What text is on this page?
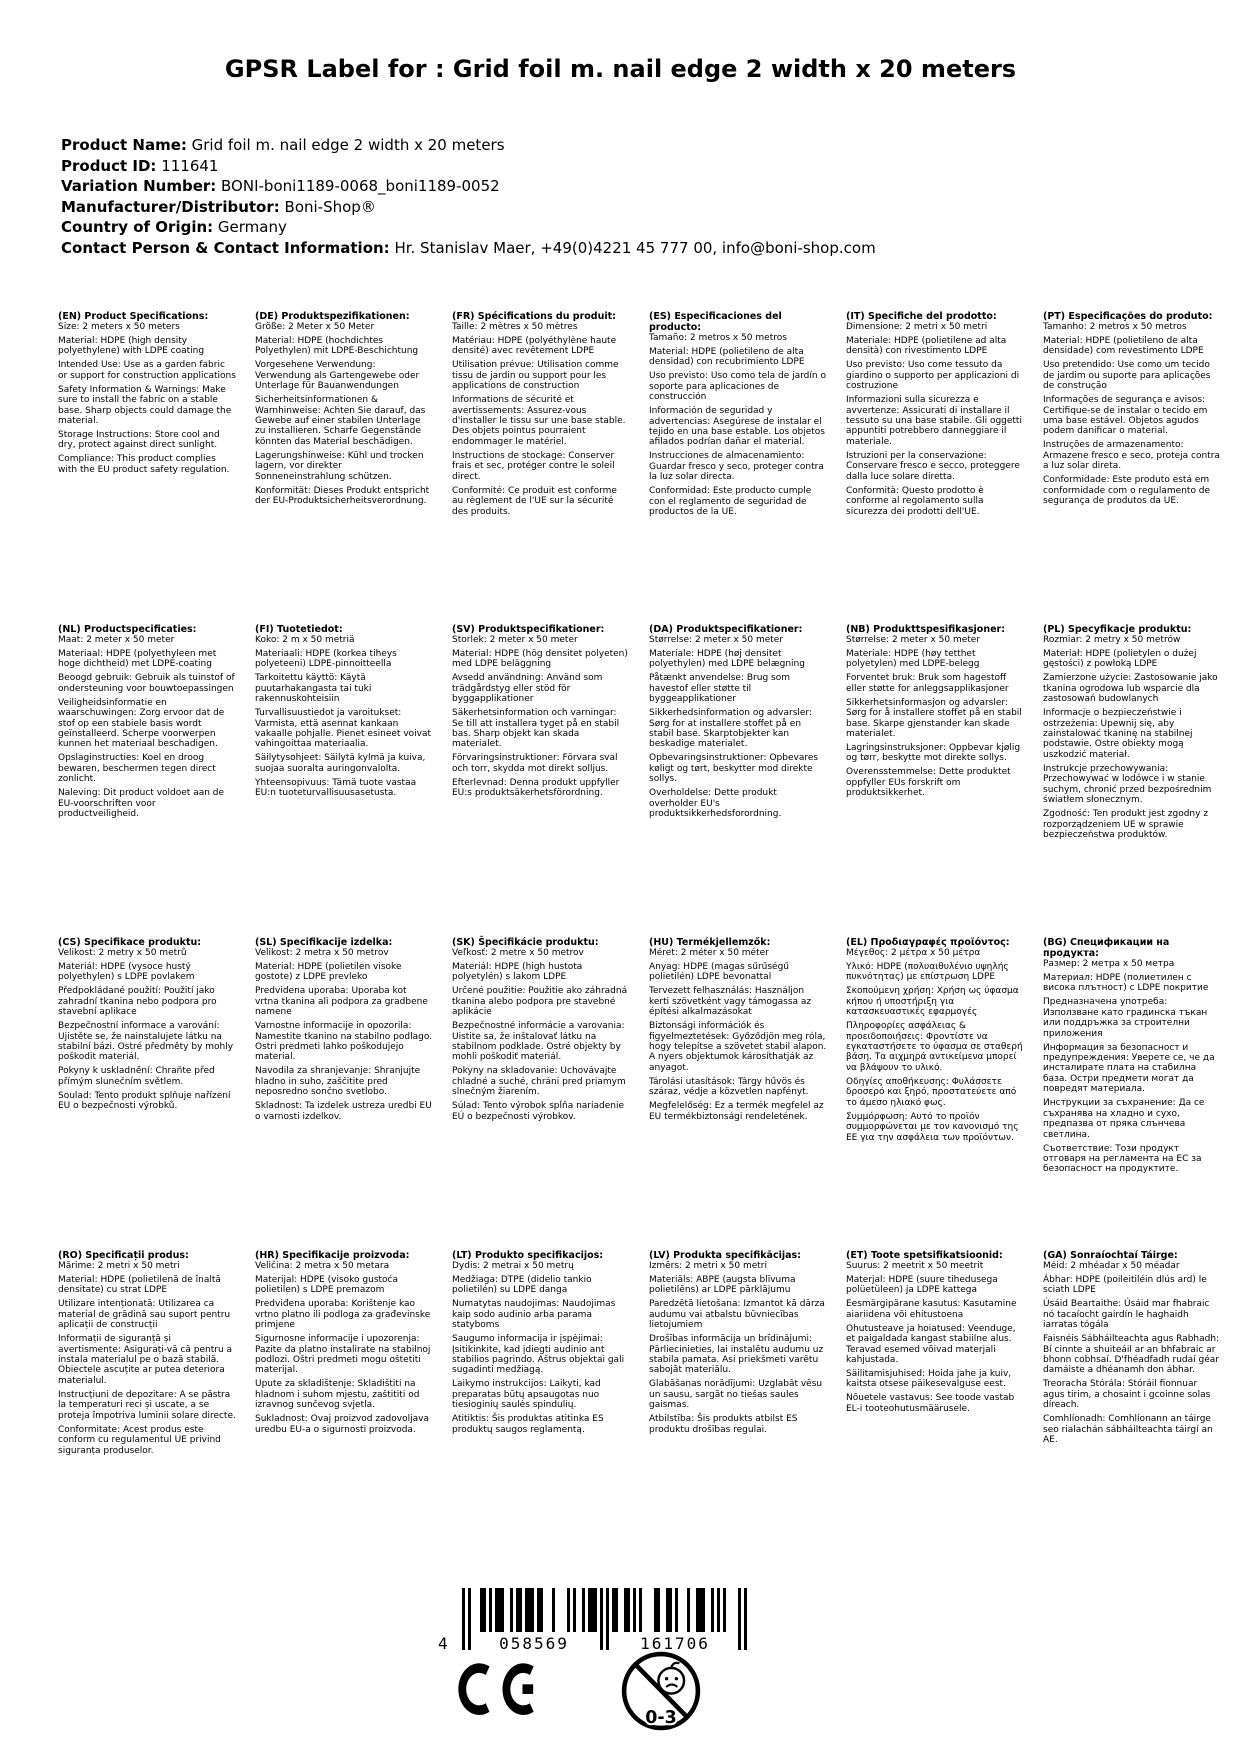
GPSR Label for : Grid foil m. nail edge 2 width x 20 meters
Product Name: Grid foil m. nail edge 2 width x 20 meters
Product ID: 111641
Variation Number: BONI-boni1189-0068_boni1189-0052
Manufacturer/Distributor: Boni-Shop®
Country of Origin: Germany
Contact Person & Contact Information: Hr. Stanislav Maer, +49(0)4221 45 777 00, info@boni-shop.com
(EN) Product Specifications:

Size: 2 meters x 50 meters

Material: HDPE (high density polyethylene) with LDPE coating

Intended Use: Use as a garden fabric or support for construction applications

Safety Information & Warnings: Make sure to install the fabric on a stable base. Sharp objects could damage the material.

Storage Instructions: Store cool and dry, protect against direct sunlight.

Compliance: This product complies with the EU product safety regulation.

(DE) Produktspezifikationen:

Größe: 2 Meter x 50 Meter

Material: HDPE (hochdichtes Polyethylen) mit LDPE-Beschichtung

Vorgesehene Verwendung: Verwendung als Gartengewebe oder Unterlage für Bauanwendungen

Sicherheitsinformationen & Warnhinweise: Achten Sie darauf, das Gewebe auf einer stabilen Unterlage zu installieren. Scharfe Gegenstände könnten das Material beschädigen.

Lagerungshinweise: Kühl und trocken lagern, vor direkter Sonneneinstrahlung schützen.

Konformität: Dieses Produkt entspricht der EU-Produktsicherheitsverordnung.

(FR) Spécifications du produit:

Taille: 2 mètres x 50 mètres

Matériau: HDPE (polyéthylène haute densité) avec revêtement LDPE

Utilisation prévue: Utilisation comme tissu de jardin ou support pour les applications de construction

Informations de sécurité et avertissements: Assurez-vous d'installer le tissu sur une base stable. Des objets pointus pourraient endommager le matériel.

Instructions de stockage: Conserver frais et sec, protéger contre le soleil direct.

Conformité: Ce produit est conforme au règlement de l'UE sur la sécurité des produits.

(ES) Especificaciones del producto:

Tamaño: 2 metros x 50 metros

Material: HDPE (polietileno de alta densidad) con recubrimiento LDPE

Uso previsto: Uso como tela de jardín o soporte para aplicaciones de construcción

Información de seguridad y advertencias: Asegúrese de instalar el tejido en una base estable. Los objetos afilados podrían dañar el material.

Instrucciones de almacenamiento: Guardar fresco y seco, proteger contra la luz solar directa.

Conformidad: Este producto cumple con el reglamento de seguridad de productos de la UE.

(IT) Specifiche del prodotto:

Dimensione: 2 metri x 50 metri

Materiale: HDPE (polietilene ad alta densità) con rivestimento LDPE

Uso previsto: Uso come tessuto da giardino o supporto per applicazioni di costruzione

Informazioni sulla sicurezza e avvertenze: Assicurati di installare il tessuto su una base stabile. Gli oggetti appuntiti potrebbero danneggiare il materiale.

Istruzioni per la conservazione: Conservare fresco e secco, proteggere dalla luce solare diretta.

Conformità: Questo prodotto è conforme al regolamento sulla sicurezza dei prodotti dell'UE.

(PT) Especificações do produto:

Tamanho: 2 metros x 50 metros

Material: HDPE (polietileno de alta densidade) com revestimento LDPE

Uso pretendido: Use como um tecido de jardim ou suporte para aplicações de construção

Informações de segurança e avisos: Certifique-se de instalar o tecido em uma base estável. Objetos agudos podem danificar o material.

Instruções de armazenamento: Armazene fresco e seco, proteja contra a luz solar direta.

Conformidade: Este produto está em conformidade com o regulamento de segurança de produtos da UE.

(NL) Productspecificaties:

Maat: 2 meter x 50 meter

Materiaal: HDPE (polyethyleen met hoge dichtheid) met LDPE-coating

Beoogd gebruik: Gebruik als tuinstof of ondersteuning voor bouwtoepassingen

Veiligheidsinformatie en waarschuwingen: Zorg ervoor dat de stof op een stabiele basis wordt geïnstalleerd. Scherpe voorwerpen kunnen het materiaal beschadigen.

Opslaginstructies: Koel en droog bewaren, beschermen tegen direct zonlicht.

Naleving: Dit product voldoet aan de EU-voorschriften voor productveiligheid.

(FI) Tuotetiedot:

Koko: 2 m x 50 metriä

Materiaali: HDPE (korkea tiheys polyeteeni) LDPE-pinnoitteella

Tarkoitettu käyttö: Käytä puutarhakangasta tai tuki rakennuskohteisiin

Turvallisuustiedot ja varoitukset: Varmista, että asennat kankaan vakaalle pohjalle. Pienet esineet voivat vahingoittaa materiaalia.

Säilytysohjeet: Säilytä kylmä ja kuiva, suojaa suoralta auringonvalolta.

Yhteensopivuus: Tämä tuote vastaa EU:n tuoteturvallisuusasetusta.

(SV) Produktspecifikationer:

Storlek: 2 meter x 50 meter

Material: HDPE (hög densitet polyeten) med LDPE beläggning

Avsedd användning: Använd som trädgårdstyg eller stöd för byggapplikationer

Säkerhetsinformation och varningar: Se till att installera tyget på en stabil bas. Sharp objekt kan skada materialet.

Förvaringsinstruktioner: Förvara sval och torr, skydda mot direkt solljus.

Efterlevnad: Denna produkt uppfyller EU:s produktsäkerhetsförordning.

(DA) Produktspecifikationer:

Størrelse: 2 meter x 50 meter

Materiale: HDPE (høj densitet polyethylen) med LDPE belægning

Påtænkt anvendelse: Brug som havestof eller støtte til byggeapplikationer

Sikkerhedsinformation og advarsler: Sørg for at installere stoffet på en stabil base. Skarptobjekter kan beskadige materialet.

Opbevaringsinstruktioner: Opbevares køligt og tørt, beskytter mod direkte sollys.

Overholdelse: Dette produkt overholder EU's produktsikkerhedsforordning.

(NB) Produkttspesifikasjoner:

Størrelse: 2 meter x 50 meter

Materiale: HDPE (høy tetthet polyetylen) med LDPE-belegg

Forventet bruk: Bruk som hagestoff eller støtte for anleggsapplikasjoner

Sikkerhetsinformasjon og advarsler: Sørg for å installere stoffet på en stabil base. Skarpe gjenstander kan skade materialet.

Lagringsinstruksjoner: Oppbevar kjølig og tørr, beskytte mot direkte sollys.

Overensstemmelse: Dette produktet oppfyller EUs forskrift om produktsikkerhet.

(PL) Specyfikacje produktu:

Rozmiar: 2 metry x 50 metrów

Materiał: HDPE (polietylen o dużej gęstości) z powłoką LDPE

Zamierzone użycie: Zastosowanie jako tkanina ogrodowa lub wsparcie dla zastosowań budowlanych

Informacje o bezpieczeństwie i ostrzeżenia: Upewnij się, aby zainstalować tkaninę na stabilnej podstawie. Ostre obiekty mogą uszkodzić materiał.

Instrukcje przechowywania: Przechowywać w lodówce i w stanie suchym, chronić przed bezpośrednim światłem słonecznym.

Zgodność: Ten produkt jest zgodny z rozporządzeniem UE w sprawie bezpieczeństwa produktów.

(CS) Specifikace produktu:

Velikost: 2 metry x 50 metrů

Materiál: HDPE (vysoce hustý polyethylen) s LDPE povlakem

Předpokládané použití: Použití jako zahradní tkanina nebo podpora pro stavební aplikace

Bezpečnostní informace a varování: Ujistěte se, že nainstalujete látku na stabilní bázi. Ostré předměty by mohly poškodit materiál.

Pokyny k uskladnění: Chraňte před přímým slunečním světlem.

Soulad: Tento produkt splňuje nařízení EU o bezpečnosti výrobků.

(SL) Specifikacije izdelka:

Velikost: 2 metra x 50 metrov

Material: HDPE (polietilen visoke gostote) z LDPE prevleko

Predvidena uporaba: Uporaba kot vrtna tkanina ali podpora za gradbene namene

Varnostne informacije in opozorila: Namestite tkanino na stabilno podlago. Ostri predmeti lahko poškodujejo material.

Navodila za shranjevanje: Shranjujte hladno in suho, zaščitite pred neposredno sončno svetlobo.

Skladnost: Ta izdelek ustreza uredbi EU o varnosti izdelkov.

(SK) Špecifikácie produktu:

Veľkosť: 2 metre x 50 metrov

Materiál: HDPE (high hustota polyetylén) s lakom LDPE

Určené použitie: Použitie ako záhradná tkanina alebo podpora pre stavebné aplikácie

Bezpečnostné informácie a varovania: Uistite sa, že inštalovať látku na stabilnom podklade. Ostré objekty by mohli poškodiť materiál.

Pokyny na skladovanie: Uchovávajte chladné a suché, chráni pred priamym slnečným žiarením.

Súlad: Tento výrobok spĺňa nariadenie EÚ o bezpečnosti výrobkov.

(HU) Termékjellemzők:

Méret: 2 méter x 50 méter

Anyag: HDPE (magas sűrűségű polietilén) LDPE bevonattal

Tervezett felhasználás: Használjon kerti szövetként vagy támogassa az építési alkalmazásokat

Biztonsági információk és figyelmeztetések: Győződjön meg róla, hogy telepítse a szövetet stabil alapon. A nyers objektumok károsíthatják az anyagot.

Tárolási utasítások: Tárgy hűvös és száraz, védje a közvetlen napfényt.

Megfelelőség: Ez a termék megfelel az EU termékbiztonsági rendeletének.

(EL) Προδιαγραφές προϊόντος:

Μέγεθος: 2 μέτρα x 50 μέτρα

Υλικό: HDPE (πολυαιθυλένιο υψηλής πυκνότητας) με επίστρωση LDPE

Σκοπούμενη χρήση: Χρήση ως ύφασμα κήπου ή υποστήριξη για κατασκευαστικές εφαρμογές

Πληροφορίες ασφάλειας & προειδοποιήσεις: Φροντίστε να εγκαταστήσετε το ύφασμα σε σταθερή βάση. Τα αιχμηρά αντικείμενα μπορεί να βλάψουν το υλικό.

Οδηγίες αποθήκευσης: Φυλάσσετε δροσερό και ξηρό, προστατεύετε από το άμεσο ηλιακό φως.

Συμμόρφωση: Αυτό το προϊόν συμμορφώνεται με τον κανονισμό της ΕΕ για την ασφάλεια των προϊόντων.

(BG) Спецификации на продукта:

Размер: 2 метра x 50 метра

Материал: HDPE (полиетилен с висока плътност) с LDPE покритие

Предназначена употреба: Използване като градинска тъкан или поддръжка за строителни приложения

Информация за безопасност и предупреждения: Уверете се, че да инсталирате плата на стабилна база. Остри предмети могат да повредят материала.

Инструкции за съхранение: Да се съхранява на хладно и сухо, предпазва от пряка слънчева светлина.

Съответствие: Този продукт отговаря на регламента на ЕС за безопасност на продуктите.

(RO) Specificații produs:

Mărime: 2 metri x 50 metri

Material: HDPE (polietilenă de înaltă densitate) cu strat LDPE

Utilizare intenționată: Utilizarea ca material de grădină sau suport pentru aplicații de construcții

Informații de siguranță și avertismente: Asigurați-vă că pentru a instala materialul pe o bază stabilă. Obiectele ascuțite ar putea deteriora materialul.

Instrucțiuni de depozitare: A se păstra la temperaturi reci și uscate, a se proteja împotriva luminii solare directe.

Conformitate: Acest produs este conform cu regulamentul UE privind siguranța produselor.

(HR) Specifikacije proizvoda:

Veličina: 2 metra x 50 metara

Materijal: HDPE (visoko gustoća polietilen) s LDPE premazom

Predviđena uporaba: Korištenje kao vrtno platno ili podloga za građevinske primjene

Sigurnosne informacije i upozorenja: Pazite da platno instalirate na stabilnoj podlozi. Oštri predmeti mogu oštetiti materijal.

Upute za skladištenje: Skladištiti na hladnom i suhom mjestu, zaštititi od izravnog sunčevog svjetla.

Sukladnost: Ovaj proizvod zadovoljava uredbu EU-a o sigurnosti proizvoda.

(LT) Produkto specifikacijos:

Dydis: 2 metrai x 50 metrų

Medžiaga: DTPE (didelio tankio polietilén) su LDPE danga

Numatytas naudojimas: Naudojimas kaip sodo audinio arba parama statyboms

Saugumo informacija ir įspėjimai: Įsitikinkite, kad įdiegti audinio ant stabilios pagrindo. Aštrus objektai gali sugadinti medžiagą.

Laikymo instrukcijos: Laikyti, kad preparatas būtų apsaugotas nuo tiesioginių saulės spindulių.

Atitiktis: Šis produktas atitinka ES produktų saugos reglamentą.

(LV) Produkta specifikācijas:

Izmērs: 2 metri x 50 metri

Materiāls: ABPE (augsta blīvuma polietilēns) ar LDPE pārklājumu

Paredzētā lietošana: Izmantot kā dārza audumu vai atbalstu būvniecības lietojumiem

Drošības informācija un brīdinājumi: Pārliecinieties, lai instalētu audumu uz stabila pamata. Asi priekšmeti varētu sabojāt materiālu.

Glabāšanas norādījumi: Uzglabāt vēsu un sausu, sargāt no tiešas saules gaismas.

Atbilstība: Šis produkts atbilst ES produktu drošības regulai.

(ET) Toote spetsifikatsioonid:

Suurus: 2 meetrit x 50 meetrit

Materjal: HDPE (suure tihedusega polüetüleen) ja LDPE kattega

Eesmärgipärane kasutus: Kasutamine aiariidena või ehitustoena

Ohutusteave ja hoiatused: Veenduge, et paigaldada kangast stabiilne alus. Teravad esemed võivad materjali kahjustada.

Säilitamisjuhised: Hoida jahe ja kuiv, kaitsta otsese päikesevalguse eest.

Nõuetele vastavus: See toode vastab EL-i tooteohutusmäärusele.

(GA) Sonraíochtaí Táirge:

Méid: 2 mhéadar x 50 méadar

Ábhar: HDPE (poileitiléin dlús ard) le sciath LDPE

Úsáid Beartaithe: Úsáid mar fhabraic nó tacaíocht gairdín le haghaidh iarratas tógála

Faisnéis Sábháilteachta agus Rabhadh: Bí cinnte a shuiteáil ar an bhfabraic ar bhonn cobhsaí. D'fhéadfadh rudaí géar damáiste a dhéanamh don ábhar.

Treoracha Stórála: Stóráil fionnuar agus tirim, a chosaint i gcoinne solas díreach.

Comhlíonadh: Comhlíonann an táirge seo rialachán sábháilteachta táirgí an AE.

4	058569	161706
0-3
